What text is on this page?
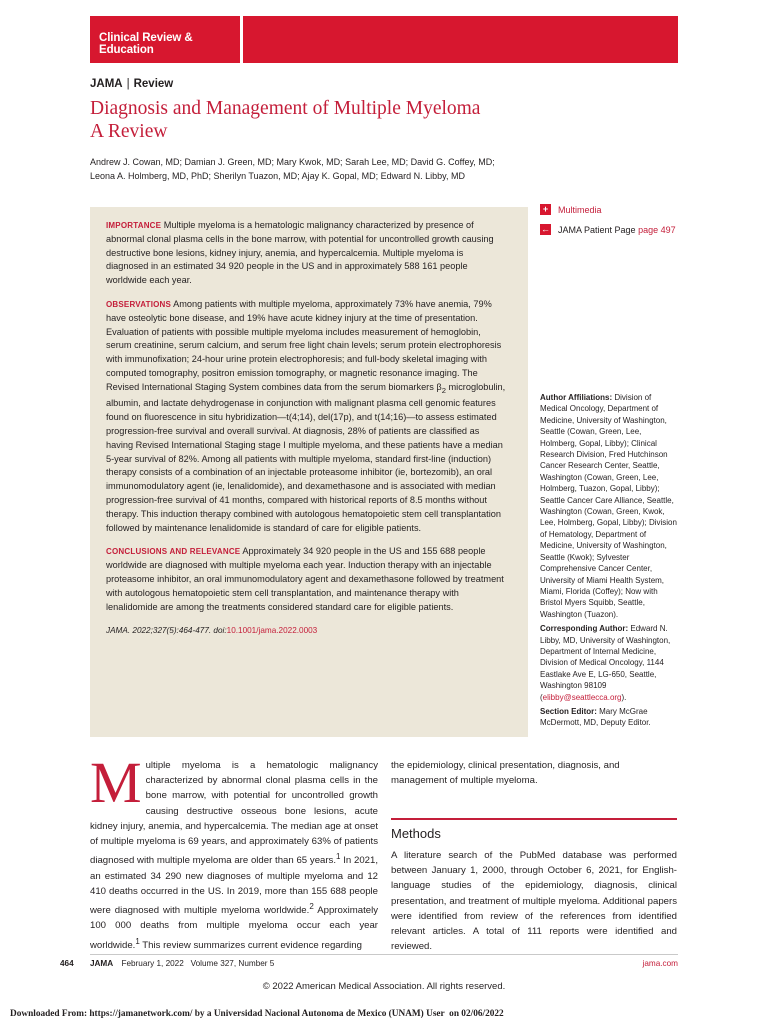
Clinical Review & Education
JAMA | Review
Diagnosis and Management of Multiple Myeloma
A Review
Andrew J. Cowan, MD; Damian J. Green, MD; Mary Kwok, MD; Sarah Lee, MD; David G. Coffey, MD;
Leona A. Holmberg, MD, PhD; Sherilyn Tuazon, MD; Ajay K. Gopal, MD; Edward N. Libby, MD

IMPORTANCE Multiple myeloma is a hematologic malignancy characterized by presence of abnormal clonal plasma cells in the bone marrow, with potential for uncontrolled growth causing destructive bone lesions, kidney injury, anemia, and hypercalcemia. Multiple myeloma is diagnosed in an estimated 34 920 people in the US and in approximately 588 161 people worldwide each year.

OBSERVATIONS Among patients with multiple myeloma, approximately 73% have anemia, 79% have osteolytic bone disease, and 19% have acute kidney injury at the time of presentation. Evaluation of patients with possible multiple myeloma includes measurement of hemoglobin, serum creatinine, serum calcium, and serum free light chain levels; serum protein electrophoresis with immunofixation; 24-hour urine protein electrophoresis; and full-body skeletal imaging with computed tomography, positron emission tomography, or magnetic resonance imaging. The Revised International Staging System combines data from the serum biomarkers $\beta_2$ microglobulin, albumin, and lactate dehydrogenase in conjunction with malignant plasma cell genomic features found on fluorescence in situ hybridization—t(4;14), del(17p), and t(14;16)—to assess estimated progression-free survival and overall survival. At diagnosis, 28% of patients are classified as having Revised International Staging stage I multiple myeloma, and these patients have a median 5-year survival of 82%. Among all patients with multiple myeloma, standard first-line (induction) therapy consists of a combination of an injectable proteasome inhibitor (ie, bortezomib), an oral immunomodulatory agent (ie, lenalidomide), and dexamethasone and is associated with median progression-free survival of 41 months, compared with historical reports of 8.5 months without therapy. This induction therapy combined with autologous hematopoietic stem cell transplantation followed by maintenance lenalidomide is standard of care for eligible patients.

CONCLUSIONS AND RELEVANCE Approximately 34 920 people in the US and 155 688 people worldwide are diagnosed with multiple myeloma each year. Induction therapy with an injectable proteasome inhibitor, an oral immunomodulatory agent and dexamethasone followed by treatment with autologous hematopoietic stem cell transplantation, and maintenance therapy with lenalidomide are among the treatments considered standard care for eligible patients.

JAMA. 2022;327(5):464-477. doi:10.1001/jama.2022.0003
+	Multimedia
← JAMA Patient Page
page 497

Author Affiliations: Division of Medical Oncology, Department of Medicine, University of Washington, Seattle (Cowan, Green, Lee, Holmberg, Gopal, Libby); Clinical Research Division, Fred Hutchinson Cancer Research Center, Seattle, Washington (Cowan, Green, Lee, Holmberg, Tuazon, Gopal, Libby); Seattle Cancer Care Alliance, Seattle, Washington (Cowan, Green, Kwok, Lee, Holmberg, Gopal, Libby); Division of Hematology, Department of Medicine, University of Washington, Seattle (Kwok); Sylvester Comprehensive Cancer Center, University of Miami Health System, Miami, Florida (Coffey); Now with Bristol Myers Squibb, Seattle, Washington (Tuazon).

Corresponding Author: Edward N. Libby, MD, University of Washington, Department of Internal Medicine, Division of Medical Oncology, 1144 Eastlake Ave E, LG-650, Seattle, Washington 98109 (elibby@seattlecca.org).

Section Editor: Mary McGrae McDermott, MD, Deputy Editor.

Multiple myeloma is a hematologic malignancy characterized by abnormal clonal plasma cells in the bone marrow, with potential for uncontrolled growth causing destructive osseous bone lesions, acute kidney injury, anemia, and hypercalcemia. The median age at onset of multiple myeloma is 69 years, and approximately 63% of patients diagnosed with multiple myeloma are older than 65 years.$^1$ In 2021, an estimated 34 290 new diagnoses of multiple myeloma and 12 410 deaths occurred in the US. In 2019, more than 155 688 people were diagnosed with multiple myeloma worldwide.$^2$ Approximately 100 000 deaths from multiple myeloma occur each year worldwide.$^1$ This review summarizes current evidence regarding
the epidemiology, clinical presentation, diagnosis, and management of multiple myeloma.
Methods
A literature search of the PubMed database was performed between January 1, 2000, through October 6, 2021, for English-language studies of the epidemiology, diagnosis, clinical presentation, and treatment of multiple myeloma. Additional papers were identified from review of the references from identified relevant articles. A total of 111 reports were identified and reviewed.
464 JAMA February 1, 2022   Volume 327, Number 5	jama.com
© 2022 American Medical Association. All rights reserved.
Downloaded From: https://jamanetwork.com/ by a Universidad Nacional Autonoma de Mexico (UNAM) User  on 02/06/2022
